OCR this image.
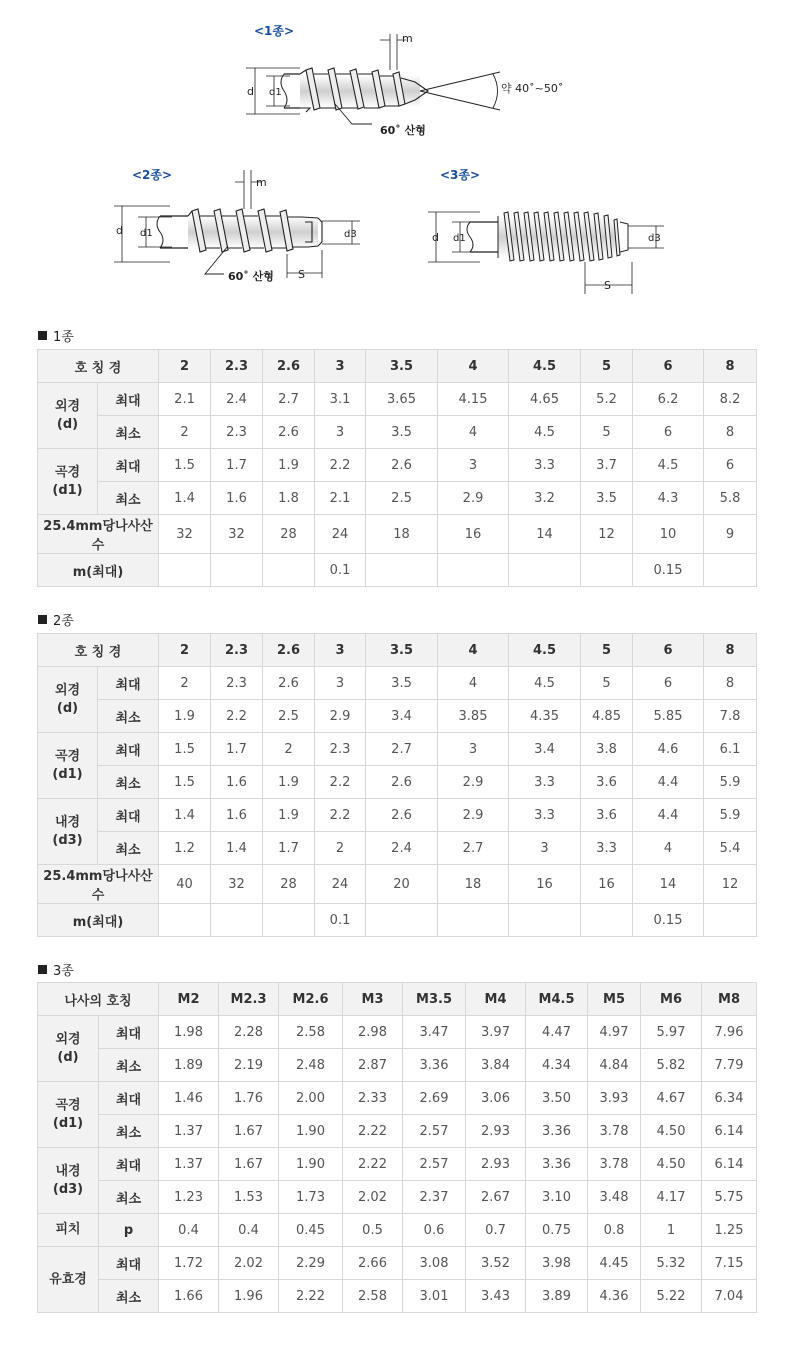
<1종>
m
d d1	약 40˚~50˚
60˚ 산형
<2종>
m
d d1	d3
S
60˚ 산형
<3종>
d d1	d3
S
1종
호 칭 경		2	2.3	2.6	3	3.5	4	4.5	5	6	8

외경
(d)	최대	2.1	2.4	2.7	3.1	3.65	4.15	4.65	5.2	6.2	8.2
	최소	2	2.3	2.6	3	3.5	4	4.5	5	6	8

곡경
(d1)	최대	1.5	1.7	1.9	2.2	2.6	3	3.3	3.7	4.5	6
	최소	1.4	1.6	1.8	2.1	2.5	2.9	3.2	3.5	4.3	5.8
25.4mm당나사산수		32	32	28	24	18	16	14	12	10	9
m(최대)					0.1					0.15	
2종
호 칭 경		2	2.3	2.6	3	3.5	4	4.5	5	6	8

외경
(d)	최대	2	2.3	2.6	3	3.5	4	4.5	5	6	8
	최소	1.9	2.2	2.5	2.9	3.4	3.85	4.35	4.85	5.85	7.8

곡경
(d1)	최대	1.5	1.7	2	2.3	2.7	3	3.4	3.8	4.6	6.1
	최소	1.5	1.6	1.9	2.2	2.6	2.9	3.3	3.6	4.4	5.9

내경
(d3)	최대	1.4	1.6	1.9	2.2	2.6	2.9	3.3	3.6	4.4	5.9
	최소	1.2	1.4	1.7	2	2.4	2.7	3	3.3	4	5.4
25.4mm당나사산수		40	32	28	24	20	18	16	16	14	12
m(최대)					0.1					0.15	
3종
나사의 호칭		M2	M2.3	M2.6	M3	M3.5	M4	M4.5	M5	M6	M8

외경
(d)	최대	1.98	2.28	2.58	2.98	3.47	3.97	4.47	4.97	5.97	7.96
	최소	1.89	2.19	2.48	2.87	3.36	3.84	4.34	4.84	5.82	7.79

곡경
(d1)	최대	1.46	1.76	2.00	2.33	2.69	3.06	3.50	3.93	4.67	6.34
	최소	1.37	1.67	1.90	2.22	2.57	2.93	3.36	3.78	4.50	6.14

내경
(d3)	최대	1.37	1.67	1.90	2.22	2.57	2.93	3.36	3.78	4.50	6.14
	최소	1.23	1.53	1.73	2.02	2.37	2.67	3.10	3.48	4.17	5.75

피치	p	0.4	0.4	0.45	0.5	0.6	0.7	0.75	0.8	1	1.25

유효경	최대	1.72	2.02	2.29	2.66	3.08	3.52	3.98	4.45	5.32	7.15
	최소	1.66	1.96	2.22	2.58	3.01	3.43	3.89	4.36	5.22	7.04
